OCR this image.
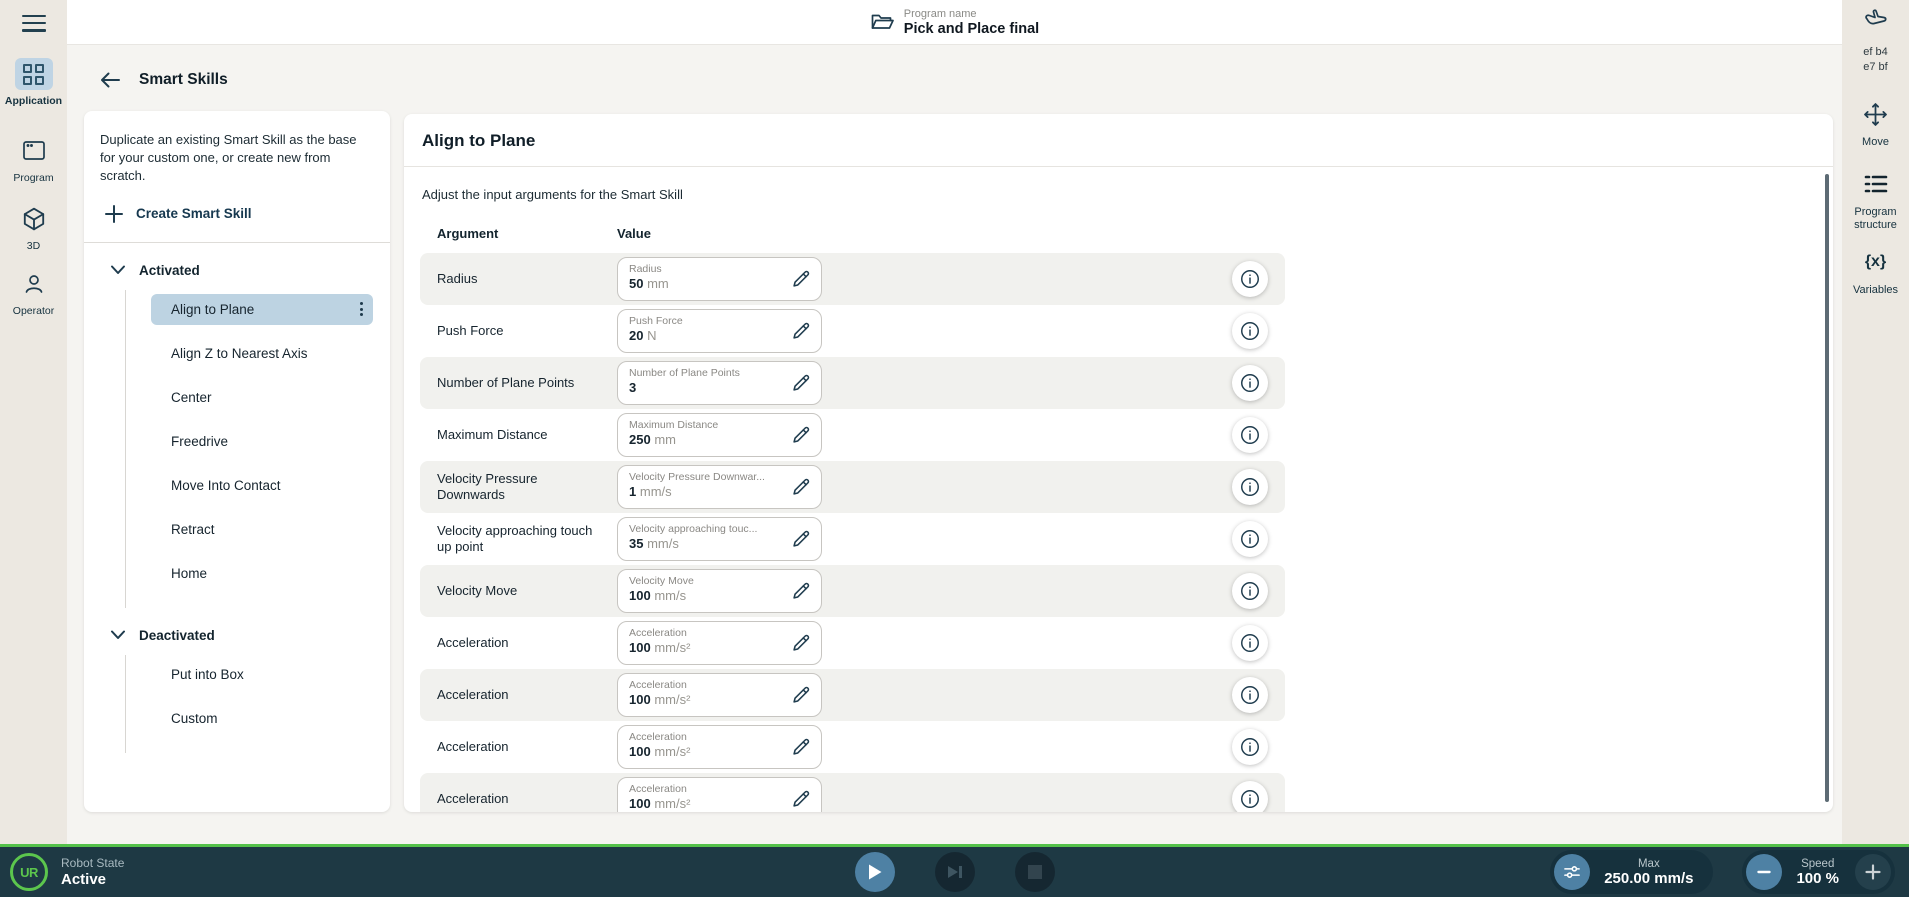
Application
Program
3D
Operator
ef b4
e7 bf
Move
Program
structure
{x}
Variables
Program name
Pick and Place final
Smart Skills
Duplicate an existing Smart Skill as the base for your custom one, or create new from scratch.
Create Smart Skill
Activated
Align to Plane
Align Z to Nearest Axis
Center
Freedrive
Move Into Contact
Retract
Home
Deactivated
Put into Box
Custom
Align to Plane
Adjust the input arguments for the Smart Skill
Argument	Value
Radius
Radius
50 mm
Push Force
Push Force
20 N
Number of Plane Points
Number of Plane Points
3
Maximum Distance
Maximum Distance
250 mm
Velocity Pressure Downwards
Velocity Pressure Downwar...
1 mm/s
Velocity approaching touch up point
Velocity approaching touc...
35 mm/s
Velocity Move
Velocity Move
100 mm/s
Acceleration
Acceleration
100 mm/s²
Acceleration
Acceleration
100 mm/s²
Acceleration
Acceleration
100 mm/s²
Acceleration
Acceleration
100 mm/s²
UR
Robot State
Active
Max
250.00 mm/s
Speed
100 %
